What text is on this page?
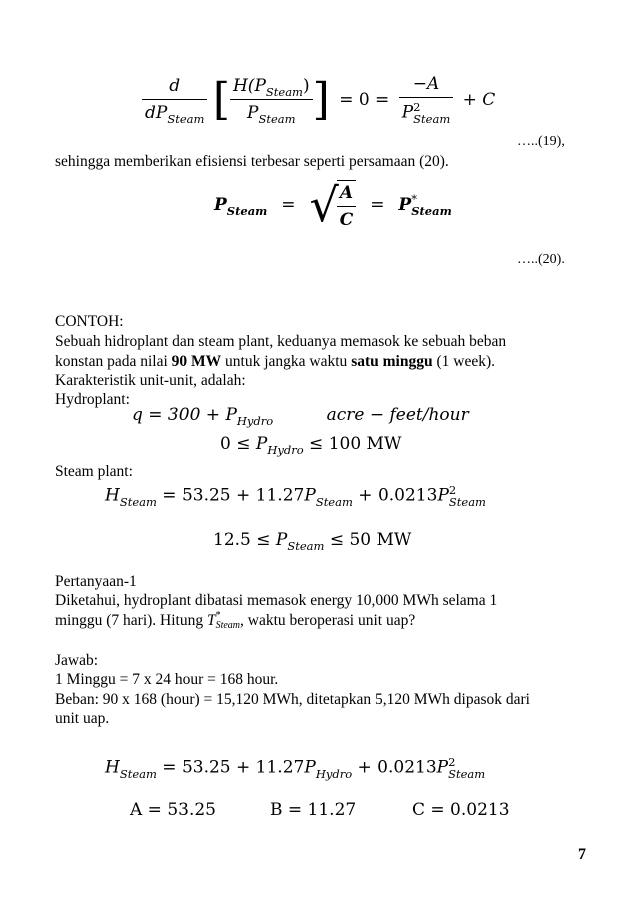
$\frac{d}{dP_{Steam}}$ [ $\frac{H(P_{Steam})}{P_{Steam}}$ ] = 0 = −A
P 2
Steam + C
…..(19),
sehingga memberikan efisiensi terbesar seperti persamaan (20).
$P_{Steam}$ = √
$\frac{A}{C} = P$ *
Steam
…..(20).
CONTOH:
Sebuah hidroplant dan steam plant, keduanya memasok ke sebuah beban
konstan pada nilai 90 MW untuk jangka waktu satu minggu (1 week).
Karakteristik unit-unit, adalah:
Hydroplant:
$q = 300 + P_{Hydro}$	acre − feet/hour
$0 \le P_{Hydro} \le 100$ MW
Steam plant:
$H_{Steam} = 53.25 + 11.27P_{Steam} + 0.0213P$ 2
Steam
$12.5 \le P_{Steam} \le 50$ MW
Pertanyaan-1
Diketahui, hydroplant dibatasi memasok energy 10,000 MWh selama 1
minggu (7 hari). Hitung T *
Steam , waktu beroperasi unit uap?
Jawab:
1 Minggu = 7 x 24 hour = 168 hour.
Beban: 90 x 168 (hour) = 15,120 MWh, ditetapkan 5,120 MWh dipasok dari
unit uap.
$H_{Steam} = 53.25 + 11.27P_{Hydro} + 0.0213P$ 2
Steam
A = 53.25	B = 11.27	C = 0.0213
7
